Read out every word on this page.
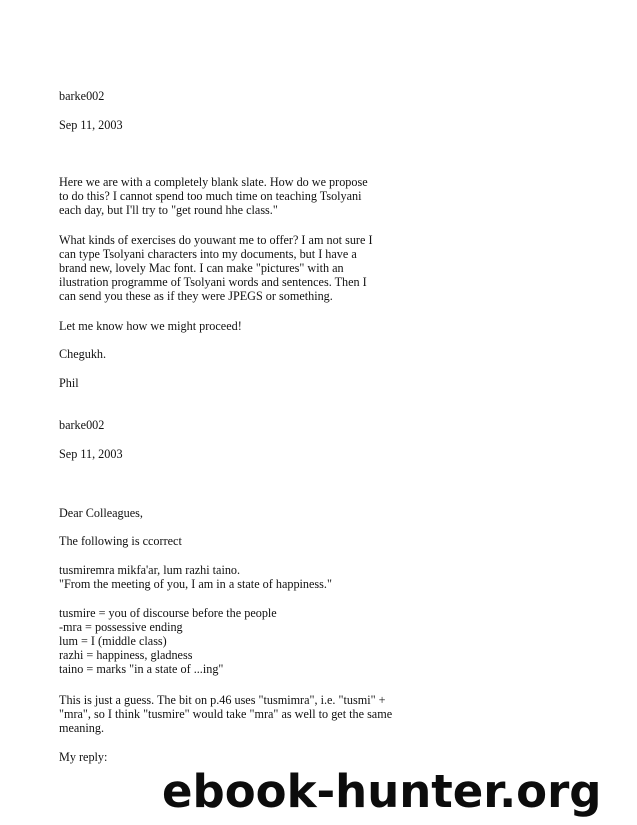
barke002
Sep 11, 2003
Here we are with a completely blank slate. How do we propose
to do this? I cannot spend too much time on teaching Tsolyani
each day, but I'll try to "get round hhe class."
What kinds of exercises do youwant me to offer? I am not sure I
can type Tsolyani characters into my documents, but I have a
brand new, lovely Mac font. I can make "pictures" with an
ilustration programme of Tsolyani words and sentences. Then I
can send you these as if they were JPEGS or something.
Let me know how we might proceed!
Chegukh.
Phil
barke002
Sep 11, 2003
Dear Colleagues,
The following is ccorrect
tusmiremra mikfa'ar, lum razhi taino.
"From the meeting of you, I am in a state of happiness."
tusmire = you of discourse before the people
-mra = possessive ending
lum = I (middle class)
razhi = happiness, gladness
taino = marks "in a state of ...ing"
This is just a guess. The bit on p.46 uses "tusmimra", i.e. "tusmi" +
"mra", so I think "tusmire" would take "mra" as well to get the same
meaning.
My reply:
ebook-hunter.org
